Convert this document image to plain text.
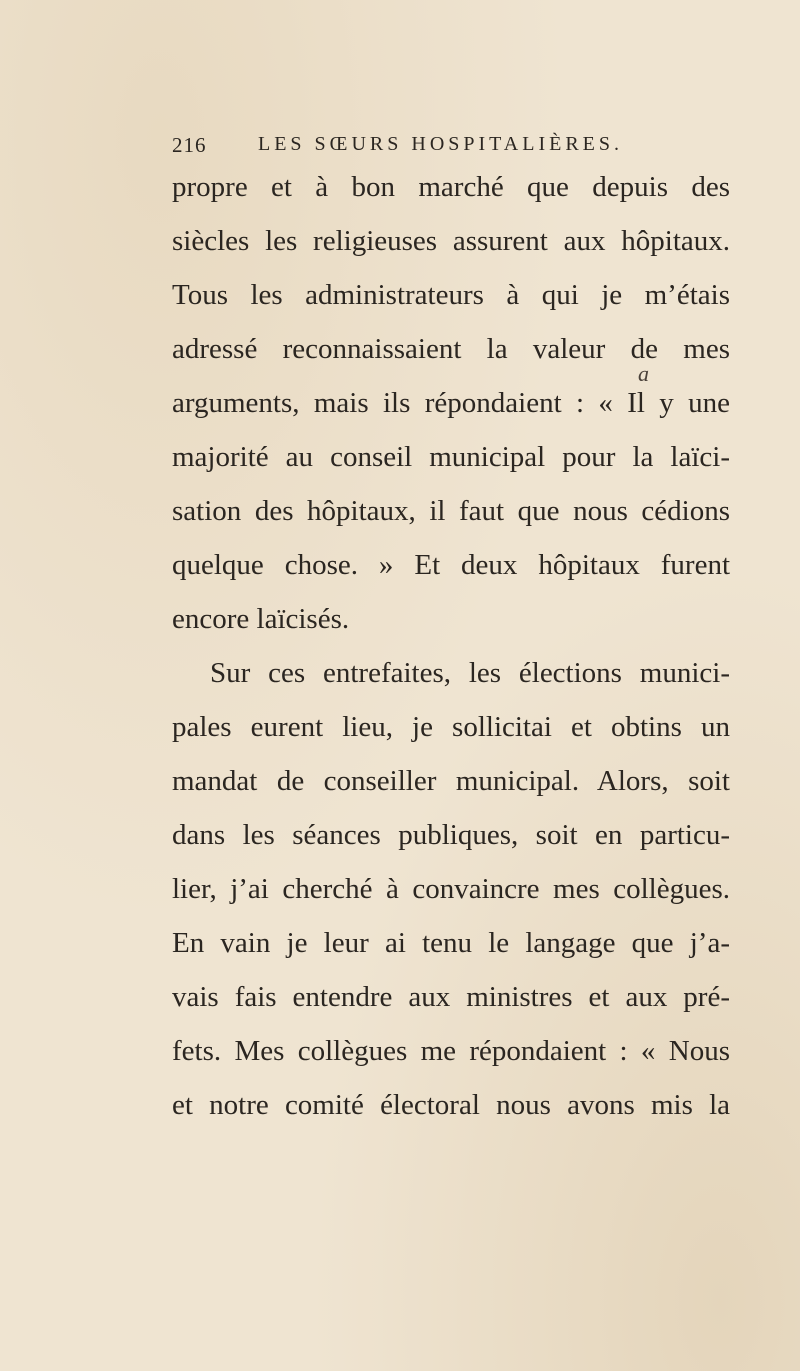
216	LES SŒURS HOSPITALIÈRES.
propre et à bon marché que depuis des
siècles les religieuses assurent aux hôpitaux.
Tous les administrateurs à qui je m’étais
adressé reconnaissaient la valeur de mes
arguments, mais ils répondaient : « Il y une
majorité au conseil municipal pour la laïci-
sation des hôpitaux, il faut que nous cédions
quelque chose. » Et deux hôpitaux furent
encore laïcisés.
Sur ces entrefaites, les élections munici-
pales eurent lieu, je sollicitai et obtins un
mandat de conseiller municipal. Alors, soit
dans les séances publiques, soit en particu-
lier, j’ai cherché à convaincre mes collègues.
En vain je leur ai tenu le langage que j’a-
vais fais entendre aux ministres et aux pré-
fets. Mes collègues me répondaient : « Nous
et notre comité électoral nous avons mis la
a
